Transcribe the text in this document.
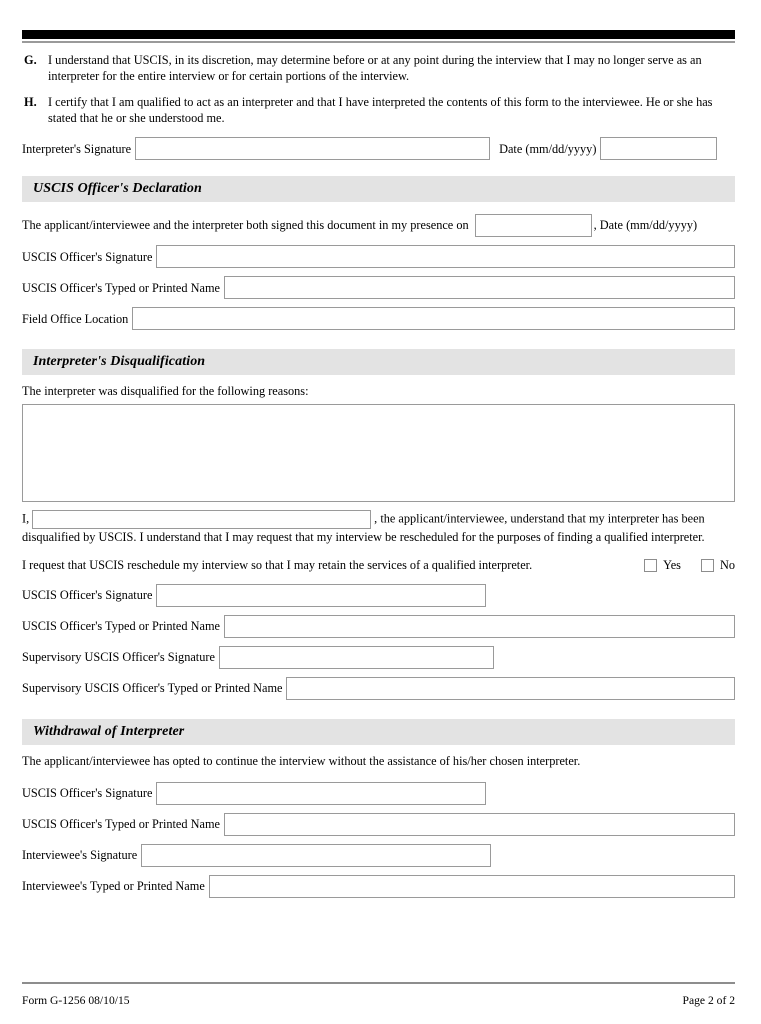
G. I understand that USCIS, in its discretion, may determine before or at any point during the interview that I may no longer serve as an interpreter for the entire interview or for certain portions of the interview.
H. I certify that I am qualified to act as an interpreter and that I have interpreted the contents of this form to the interviewee. He or she has stated that he or she understood me.
Interpreter's Signature	Date (mm/dd/yyyy)
USCIS Officer's Declaration
The applicant/interviewee and the interpreter both signed this document in my presence on	, Date (mm/dd/yyyy)
USCIS Officer's Signature
USCIS Officer's Typed or Printed Name
Field Office Location
Interpreter's Disqualification
The interpreter was disqualified for the following reasons:
I,	, the applicant/interviewee, understand that my interpreter has been disqualified by USCIS. I understand that I may request that my interview be rescheduled for the purposes of finding a qualified interpreter.
I request that USCIS reschedule my interview so that I may retain the services of a qualified interpreter.	Yes	No
USCIS Officer's Signature
USCIS Officer's Typed or Printed Name
Supervisory USCIS Officer's Signature
Supervisory USCIS Officer's Typed or Printed Name
Withdrawal of Interpreter
The applicant/interviewee has opted to continue the interview without the assistance of his/her chosen interpreter.
USCIS Officer's Signature
USCIS Officer's Typed or Printed Name
Interviewee's Signature
Interviewee's Typed or Printed Name
Form G-1256 08/10/15	Page 2 of 2
